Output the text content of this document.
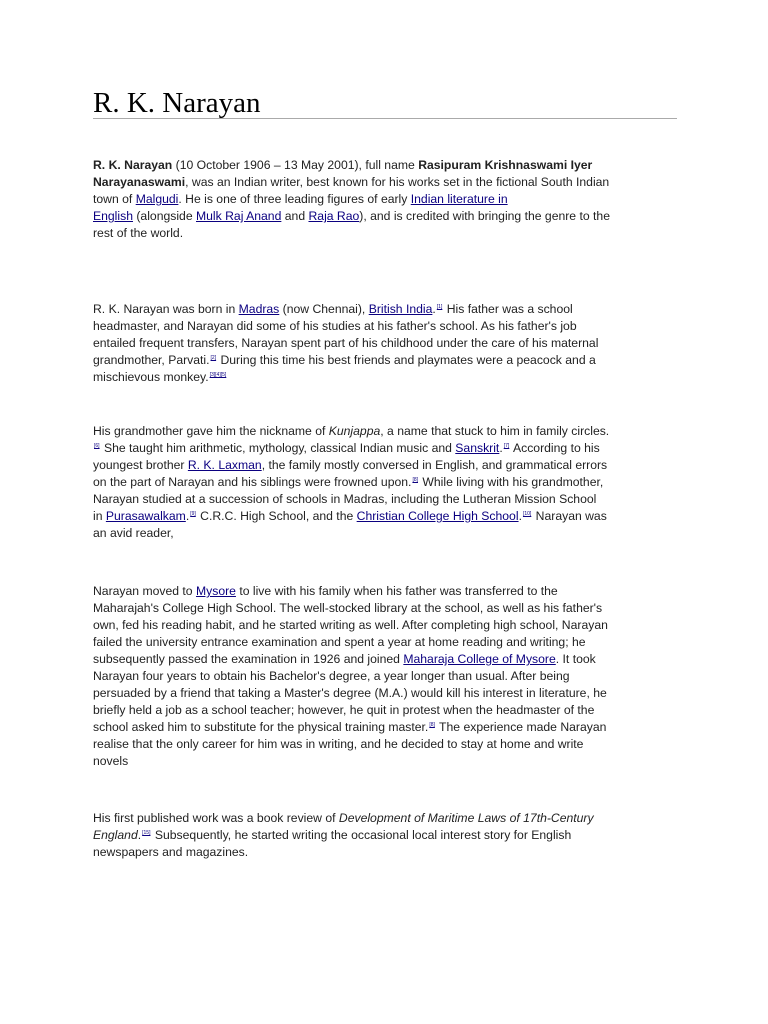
R. K. Narayan
R. K. Narayan (10 October 1906 – 13 May 2001), full name Rasipuram Krishnaswami Iyer
Narayanaswami, was an Indian writer, best known for his works set in the fictional South Indian
town of Malgudi. He is one of three leading figures of early Indian literature in
English (alongside Mulk Raj Anand and Raja Rao), and is credited with bringing the genre to the
rest of the world.
R. K. Narayan was born in Madras (now Chennai), British India.[1] His father was a school
headmaster, and Narayan did some of his studies at his father's school. As his father's job
entailed frequent transfers, Narayan spent part of his childhood under the care of his maternal
grandmother, Parvati.[2] During this time his best friends and playmates were a peacock and a
mischievous monkey.[3][4][5]
His grandmother gave him the nickname of Kunjappa, a name that stuck to him in family circles.
[6] She taught him arithmetic, mythology, classical Indian music and Sanskrit.[7] According to his
youngest brother R. K. Laxman, the family mostly conversed in English, and grammatical errors
on the part of Narayan and his siblings were frowned upon.[8] While living with his grandmother,
Narayan studied at a succession of schools in Madras, including the Lutheran Mission School
in Purasawalkam.[9] C.R.C. High School, and the Christian College High School.[10] Narayan was
an avid reader,
Narayan moved to Mysore to live with his family when his father was transferred to the
Maharajah's College High School. The well-stocked library at the school, as well as his father's
own, fed his reading habit, and he started writing as well. After completing high school, Narayan
failed the university entrance examination and spent a year at home reading and writing; he
subsequently passed the examination in 1926 and joined Maharaja College of Mysore. It took
Narayan four years to obtain his Bachelor's degree, a year longer than usual. After being
persuaded by a friend that taking a Master's degree (M.A.) would kill his interest in literature, he
briefly held a job as a school teacher; however, he quit in protest when the headmaster of the
school asked him to substitute for the physical training master.[8] The experience made Narayan
realise that the only career for him was in writing, and he decided to stay at home and write
novels
His first published work was a book review of Development of Maritime Laws of 17th-Century
England.[15] Subsequently, he started writing the occasional local interest story for English
newspapers and magazines.
